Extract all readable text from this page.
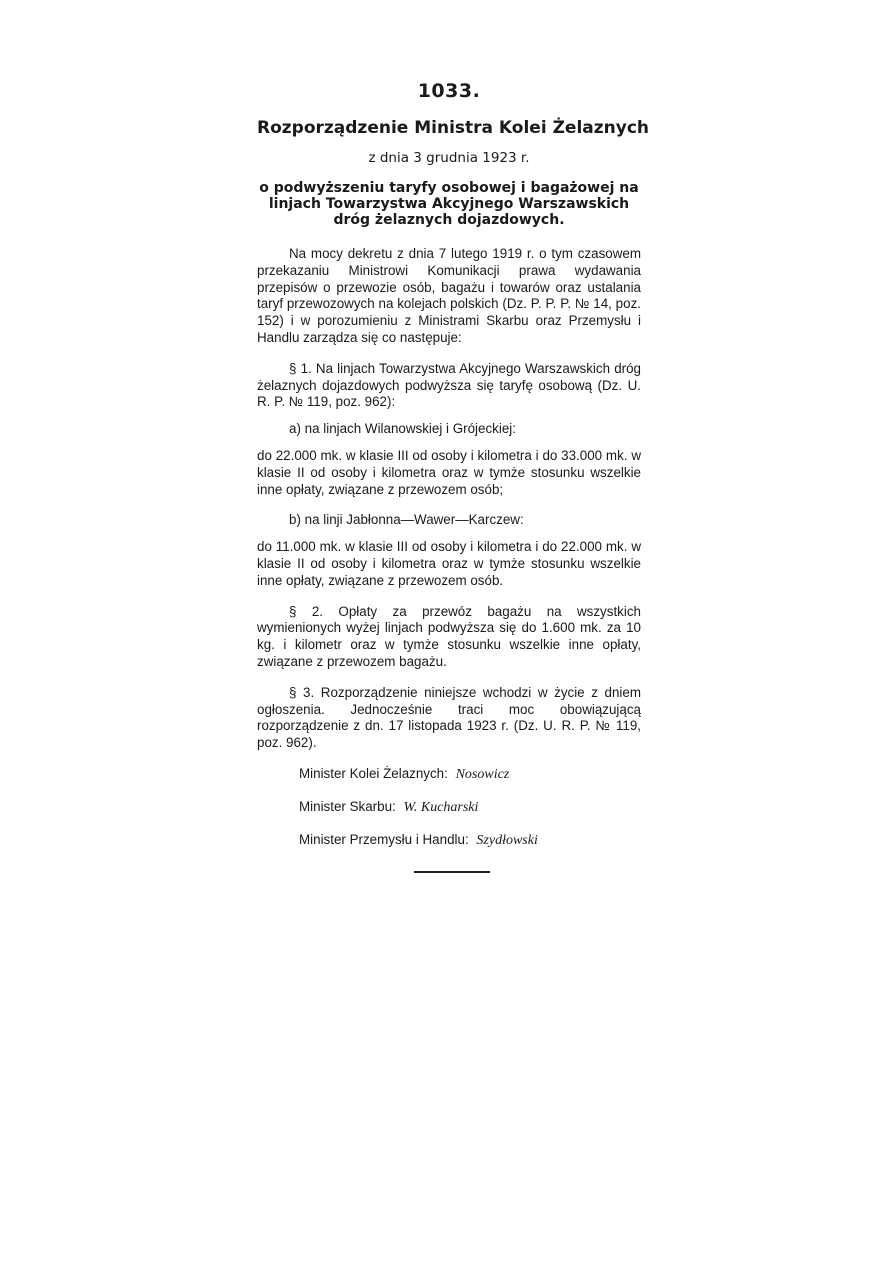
1033.
Rozporządzenie Ministra Kolei Żelaznych
z dnia 3 grudnia 1923 r.
o podwyższeniu taryfy osobowej i bagażowej na linjach Towarzystwa Akcyjnego Warszawskich dróg żelaznych dojazdowych.

Na mocy dekretu z dnia 7 lutego 1919 r. o tym czasowem przekazaniu Ministrowi Komunikacji prawa wydawania przepisów o przewozie osób, bagażu i towarów oraz ustalania taryf przewozowych na kolejach polskich (Dz. P. P. P. № 14, poz. 152) i w porozumieniu z Ministrami Skarbu oraz Przemysłu i Handlu zarządza się co następuje:

§ 1. Na linjach Towarzystwa Akcyjnego Warszawskich dróg żelaznych dojazdowych podwyższa się taryfę osobową (Dz. U. R. P. № 119, poz. 962):

a) na linjach Wilanowskiej i Grójeckiej:

do 22.000 mk. w klasie III od osoby i kilometra i do 33.000 mk. w klasie II od osoby i kilometra oraz w tymże stosunku wszelkie inne opłaty, związane z przewozem osób;

b) na linji Jabłonna—Wawer—Karczew:

do 11.000 mk. w klasie III od osoby i kilometra i do 22.000 mk. w klasie II od osoby i kilometra oraz w tymże stosunku wszelkie inne opłaty, związane z przewozem osób.

§ 2. Opłaty za przewóz bagażu na wszystkich wymienionych wyżej linjach podwyższa się do 1.600 mk. za 10 kg. i kilometr oraz w tymże stosunku wszelkie inne opłaty, związane z przewozem bagażu.

§ 3. Rozporządzenie niniejsze wchodzi w życie z dniem ogłoszenia. Jednocześnie traci moc obowiązującą rozporządzenie z dn. 17 listopada 1923 r. (Dz. U. R. P. № 119, poz. 962).

Minister Kolei Żelaznych: Nosowicz
Minister Skarbu: W. Kucharski
Minister Przemysłu i Handlu: Szydłowski
